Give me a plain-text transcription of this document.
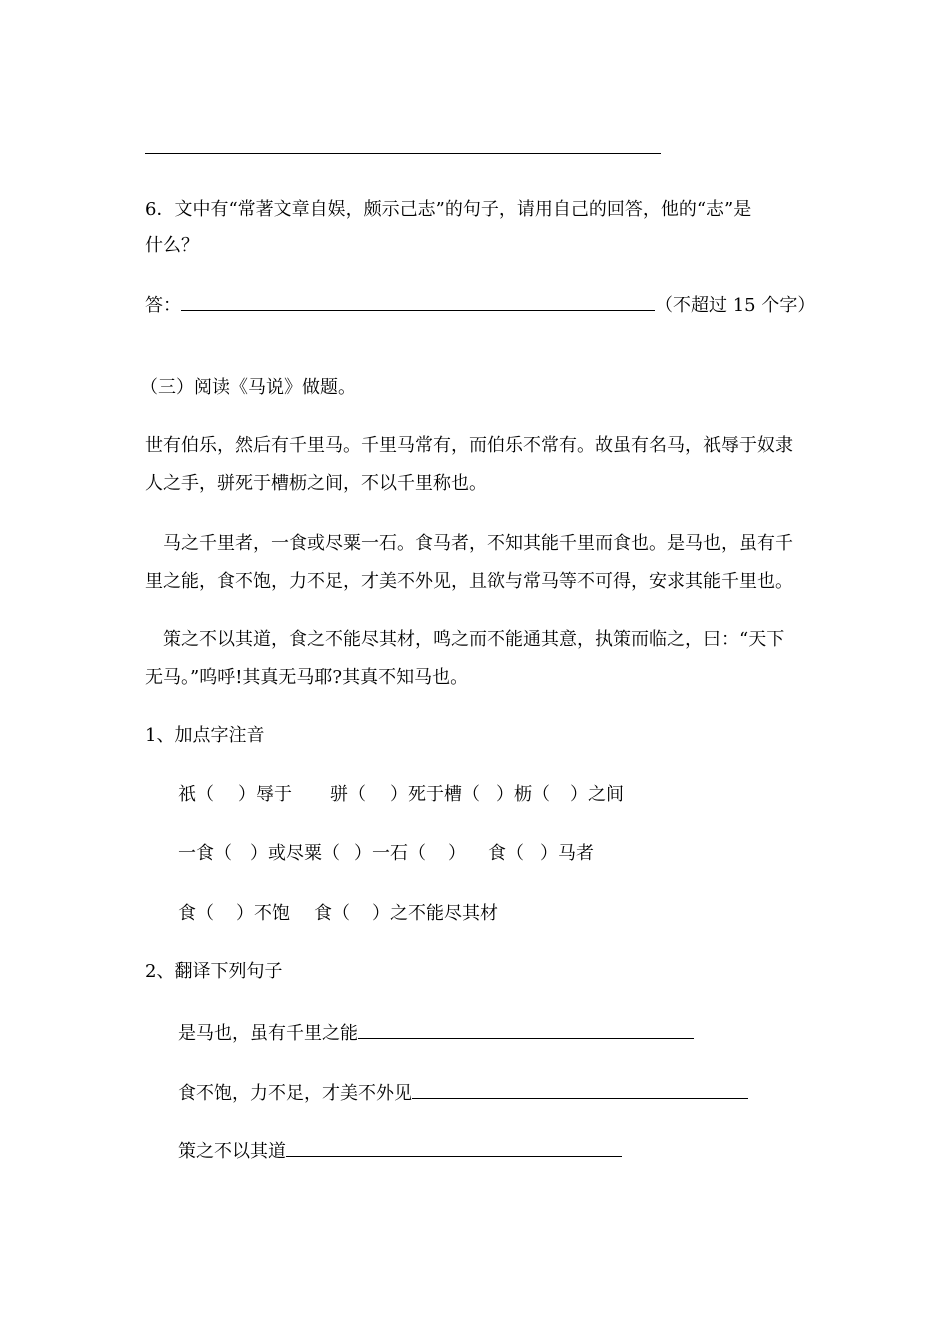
6．文中有“常著文章自娱，颇示己志”的句子，请用自己的回答，他的“志”是
什么？
答：	（不超过 15 个字）
（三）阅读《马说》做题。
世有伯乐，然后有千里马。千里马常有，而伯乐不常有。故虽有名马，祇辱于奴隶
人之手，骈死于槽枥之间，不以千里称也。
马之千里者，一食或尽粟一石。食马者，不知其能千里而食也。是马也，虽有千
里之能，食不饱，力不足，才美不外见，且欲与常马等不可得，安求其能千里也。
策之不以其道，食之不能尽其材，鸣之而不能通其意，执策而临之，曰：“天下
无马。”呜呼!其真无马耶?其真不知马也。
1、加点字注音
祇（ ）辱于 骈（ ）死于槽（ ）枥（ ）之间
一食（ ）或尽粟（ ）一石（ ） 食（ ）马者
食（ ）不饱 食（ ）之不能尽其材
2、翻译下列句子
是马也，虽有千里之能
食不饱，力不足，才美不外见
策之不以其道
